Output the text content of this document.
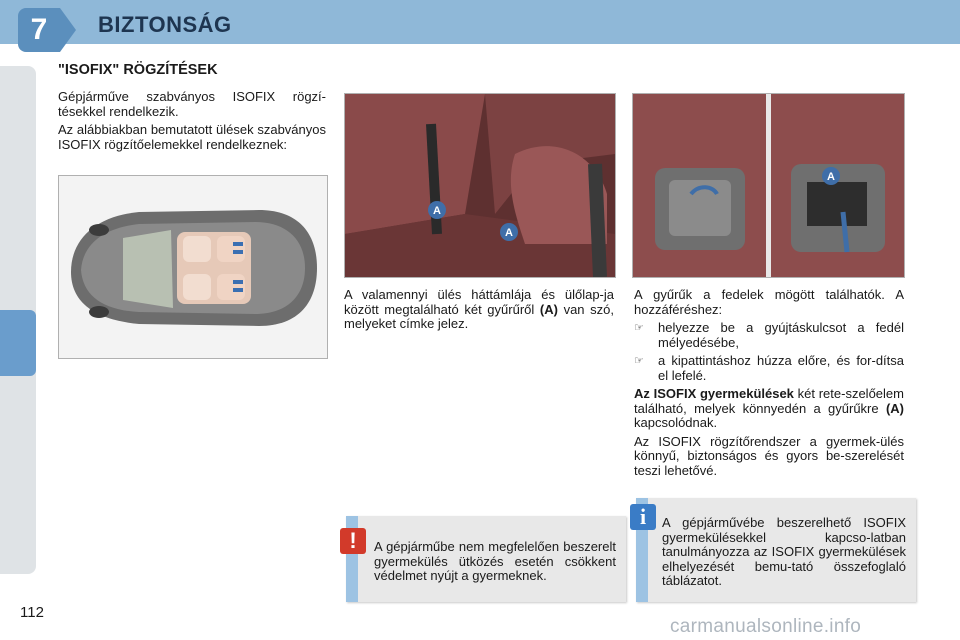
7	BIZTONSÁG
"ISOFIX" RÖGZÍTÉSEK

Gépjárműve szabványos ISOFIX rögzí-tésekkel rendelkezik.

Az alábbiakban bemutatott ülések szabványos ISOFIX rögzítőelemekkel rendelkeznek:

A
A
A

A valamennyi ülés háttámlája és ülőlap-ja között megtalálható két gyűrűről (A) van szó, melyeket címke jelez.

A gyűrűk a fedelek mögött találhatók. A hozzáféréshez:

☞	helyezze be a gyújtáskulcsot a fedél mélyedésébe,

☞	a kipattintáshoz húzza előre, és for-dítsa el lefelé.

Az ISOFIX gyermekülések két rete-szelőelem található, melyek könnyedén a gyűrűkre (A) kapcsolódnak.

Az ISOFIX rögzítőrendszer a gyermek-ülés könnyű, biztonságos és gyors be-szerelését teszi lehetővé.

A gépjárműbe nem megfelelően beszerelt gyermekülés ütközés esetén csökkent védelmet nyújt a gyermeknek.
!
A gépjárművébe beszerelhető ISOFIX gyermekülésekkel kapcso-latban tanulmányozza az ISOFIX gyermekülések elhelyezését bemu-tató összefoglaló táblázatot.
i
112
carmanualsonline.info
